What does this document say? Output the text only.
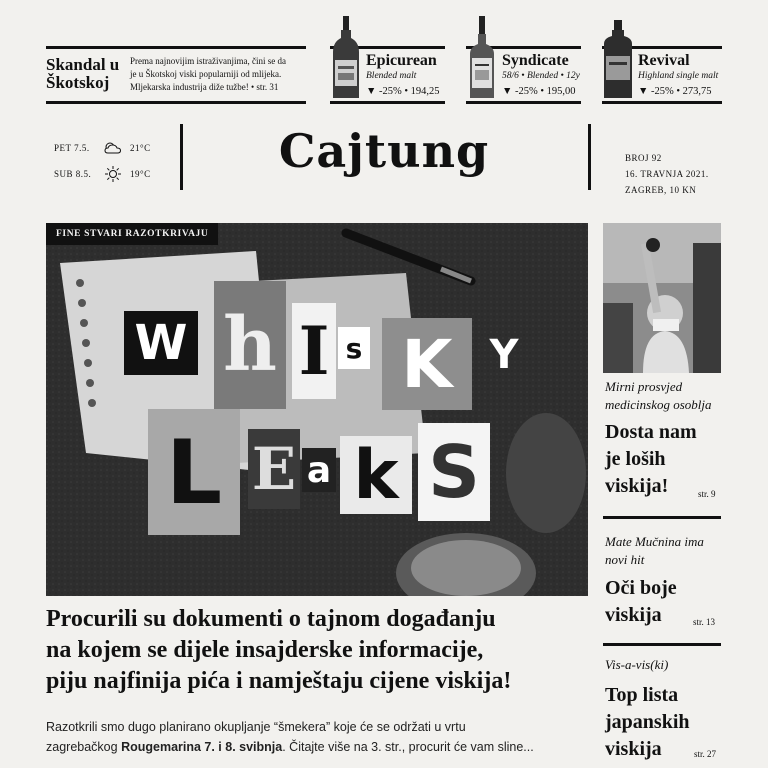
Skandal u
Škotskoj
Prema najnovijim istraživanjima, čini se da
je u Škotskoj viski popularniji od mlijeka.
Mljekarska industrija diže tužbe! • str. 31
Epicurean
Blended malt
▼ -25% • 194,25
Syndicate
58/6 • Blended • 12y
▼ -25% • 195,00
Revival
Highland single malt
▼ -25% • 273,75
PET 7.5.	21°C
SUB 8.5.	19°C	Cajtung	BROJ 92
16. TRAVNJA 2021.
ZAGREB, 10 KN
FINE STVARI RAZOTKRIVAJU
W h I s K Y
L E a k S
Procurili su dokumenti o tajnom događanju
na kojem se dijele insajderske informacije,
piju najfinija pića i namještaju cijene viskija!
Razotkrili smo dugo planirano okupljanje “šmekera” koje će se održati u vrtu
zagrebačkog Rougemarina 7. i 8. svibnja. Čitajte više na 3. str., procurit će vam sline...
Mirni prosvjed
medicinskog osoblja
Dosta nam
je loših
viskija!	str. 9
Mate Mučnina ima
novi hit
Oči boje
viskija	str. 13
Vis-a-vis(ki)
Top lista
japanskih
viskija	str. 27
